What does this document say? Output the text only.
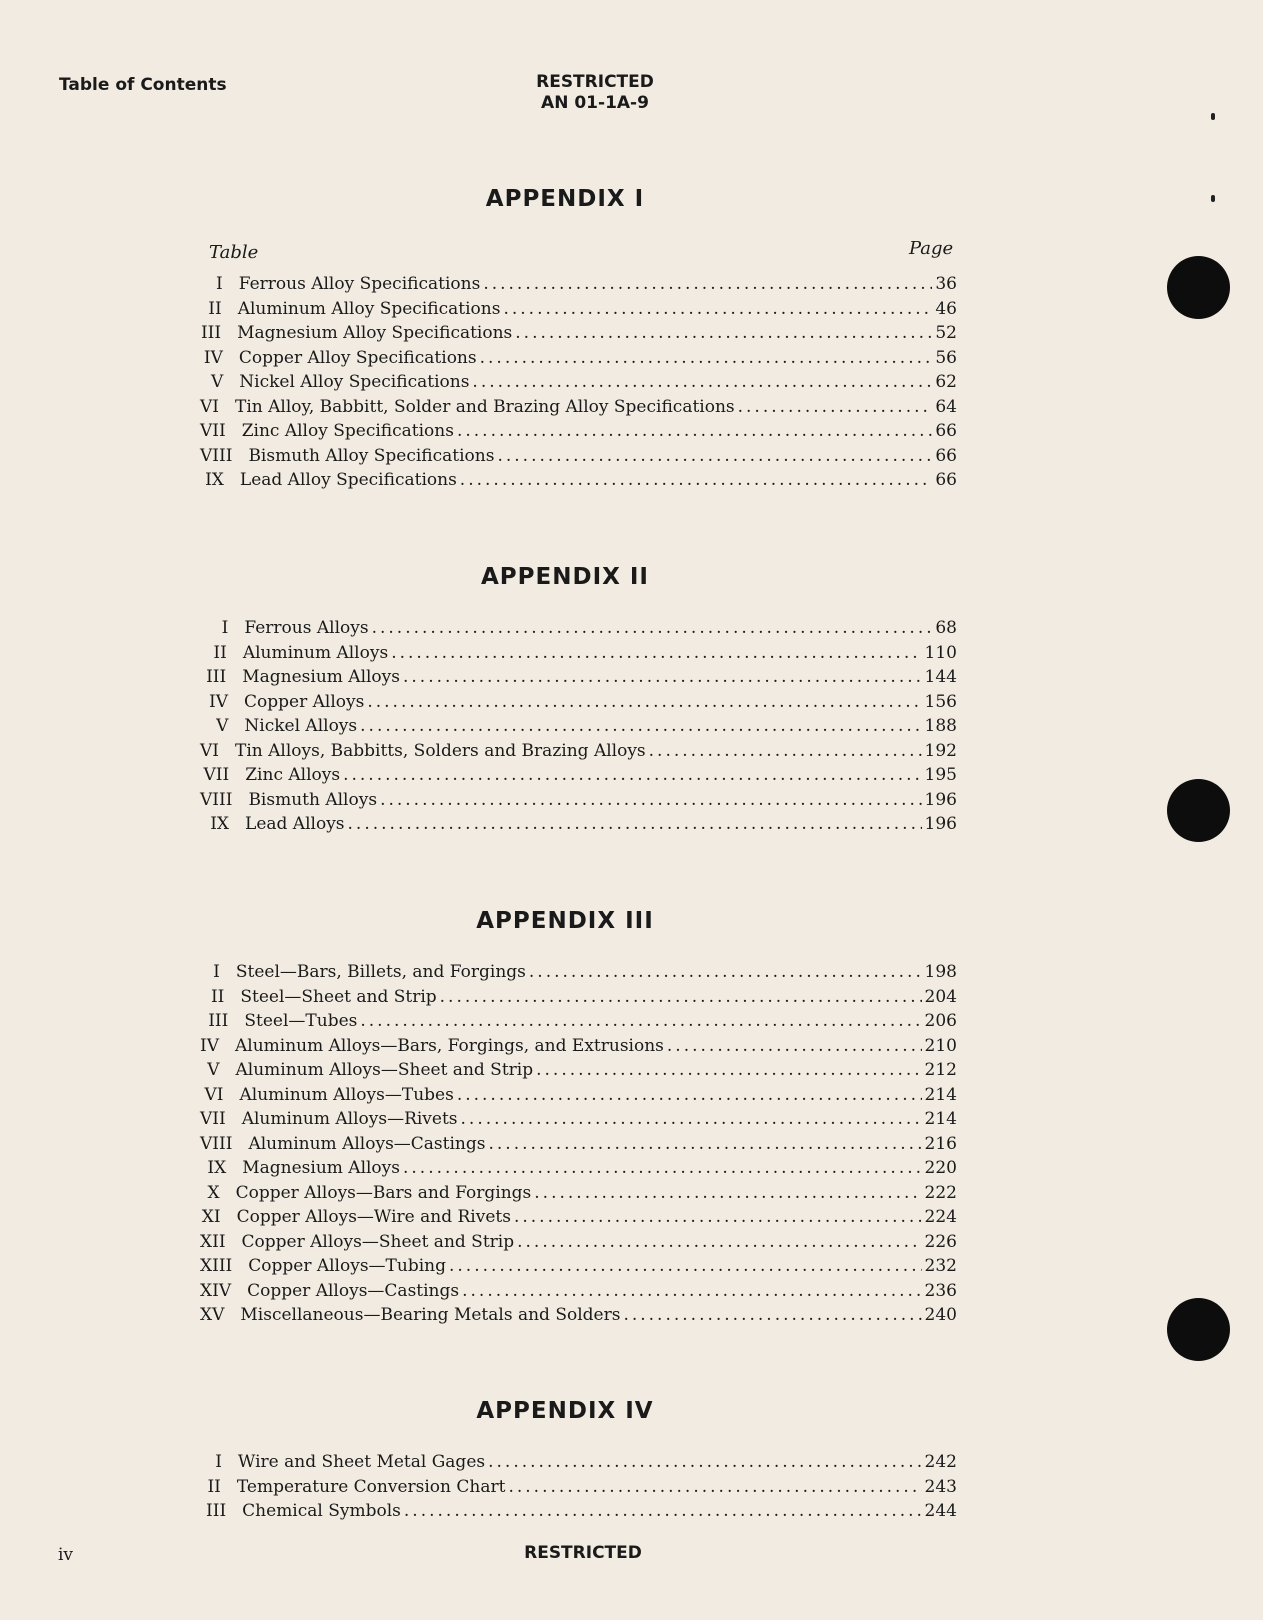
Table of Contents	RESTRICTED
AN 01-1A-9
Table	Page
APPENDIX I
I Ferrous Alloy Specifications .....	36
II Aluminum Alloy Specifications .....	46
III Magnesium Alloy Specifications .....	52
IV Copper Alloy Specifications .....	56
V Nickel Alloy Specifications .....	62
VI Tin Alloy, Babbitt, Solder and Brazing Alloy Specifications .....	64
VII Zinc Alloy Specifications .....	66
VIII Bismuth Alloy Specifications .....	66
IX Lead Alloy Specifications .....	66
APPENDIX II
I Ferrous Alloys .....	68
II Aluminum Alloys .....	110
III Magnesium Alloys .....	144
IV Copper Alloys .....	156
V Nickel Alloys .....	188
VI Tin Alloys, Babbitts, Solders and Brazing Alloys .....	192
VII Zinc Alloys .....	195
VIII Bismuth Alloys .....	196
IX Lead Alloys .....	196
APPENDIX III
I Steel—Bars, Billets, and Forgings .....	198
II Steel—Sheet and Strip .....	204
III Steel—Tubes .....	206
IV Aluminum Alloys—Bars, Forgings, and Extrusions .....	210
V Aluminum Alloys—Sheet and Strip .....	212
VI Aluminum Alloys—Tubes .....	214
VII Aluminum Alloys—Rivets .....	214
VIII Aluminum Alloys—Castings .....	216
IX Magnesium Alloys .....	220
X Copper Alloys—Bars and Forgings .....	222
XI Copper Alloys—Wire and Rivets .....	224
XII Copper Alloys—Sheet and Strip .....	226
XIII Copper Alloys—Tubing .....	232
XIV Copper Alloys—Castings .....	236
XV Miscellaneous—Bearing Metals and Solders .....	240
APPENDIX IV
I Wire and Sheet Metal Gages .....	242
II Temperature Conversion Chart .....	243
III Chemical Symbols .....	244
iv	RESTRICTED
